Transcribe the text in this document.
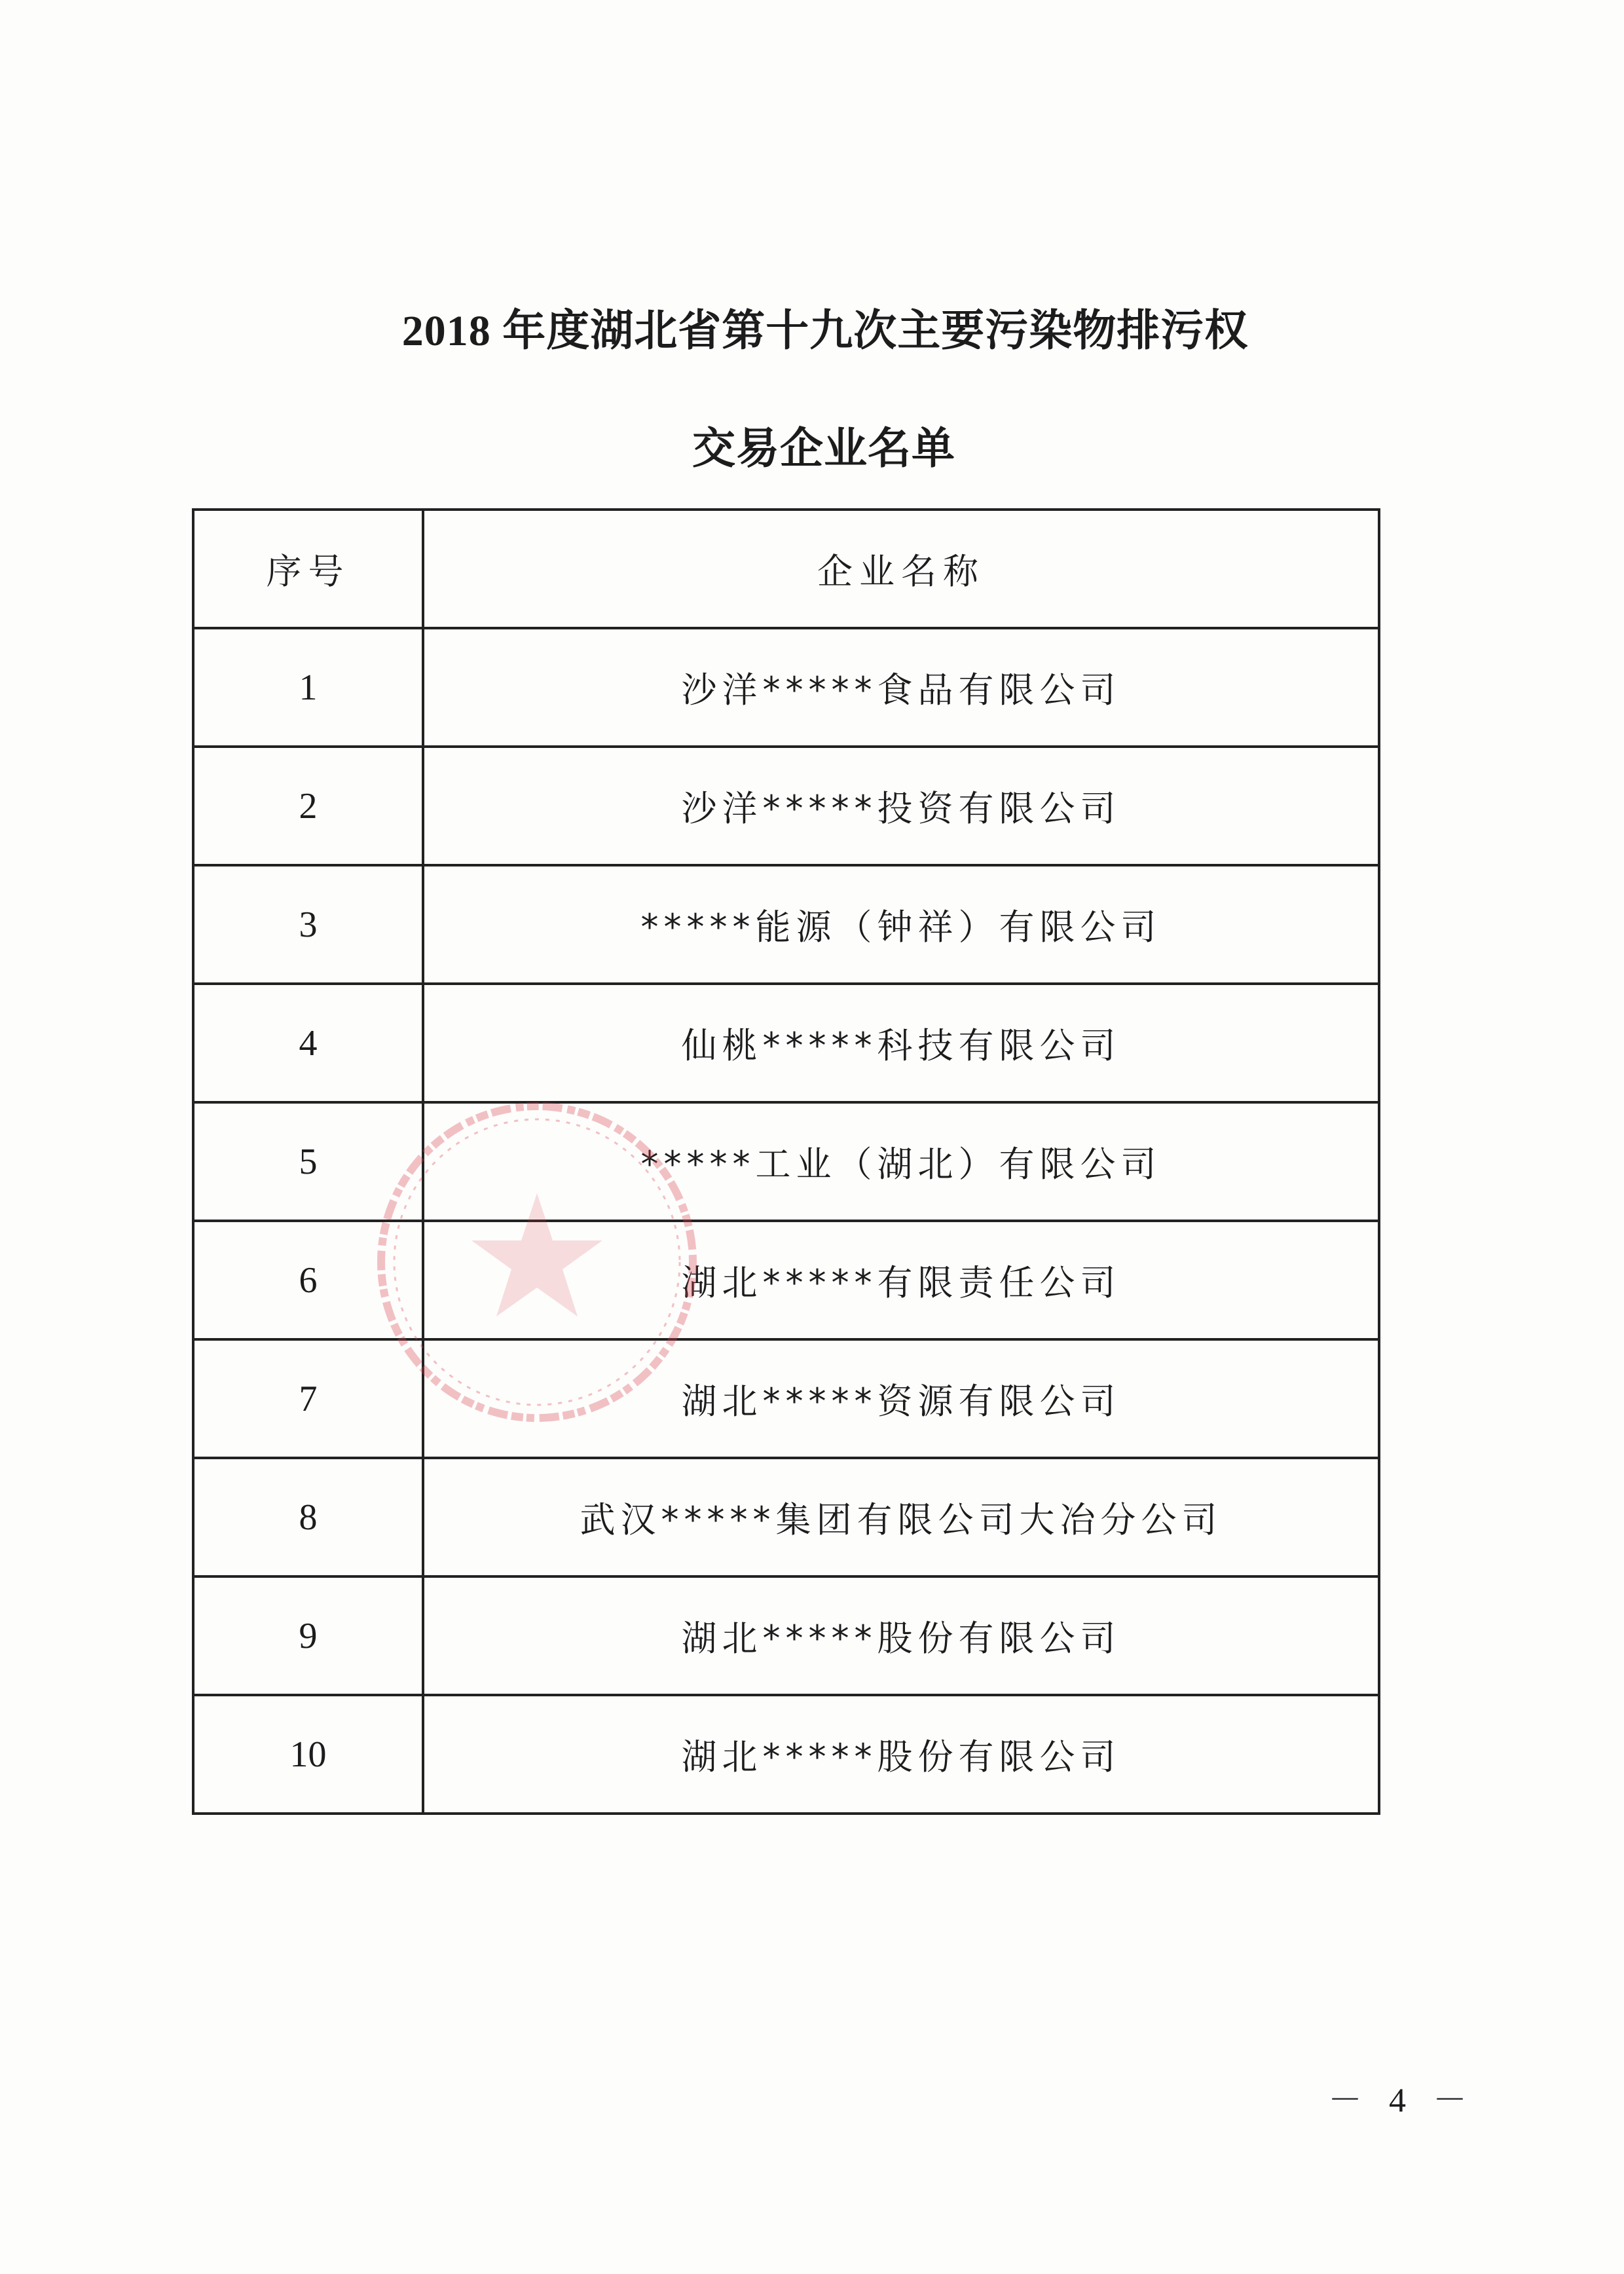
2018 年度湖北省第十九次主要污染物排污权
交易企业名单
序号	企业名称
1	沙洋*****食品有限公司
2	沙洋*****投资有限公司
3	*****能源（钟祥）有限公司
4	仙桃*****科技有限公司
5	*****工业（湖北）有限公司
6	湖北*****有限责任公司
7	湖北*****资源有限公司
8	武汉*****集团有限公司大冶分公司
9	湖北*****股份有限公司
10	湖北*****股份有限公司
－ 4 －
